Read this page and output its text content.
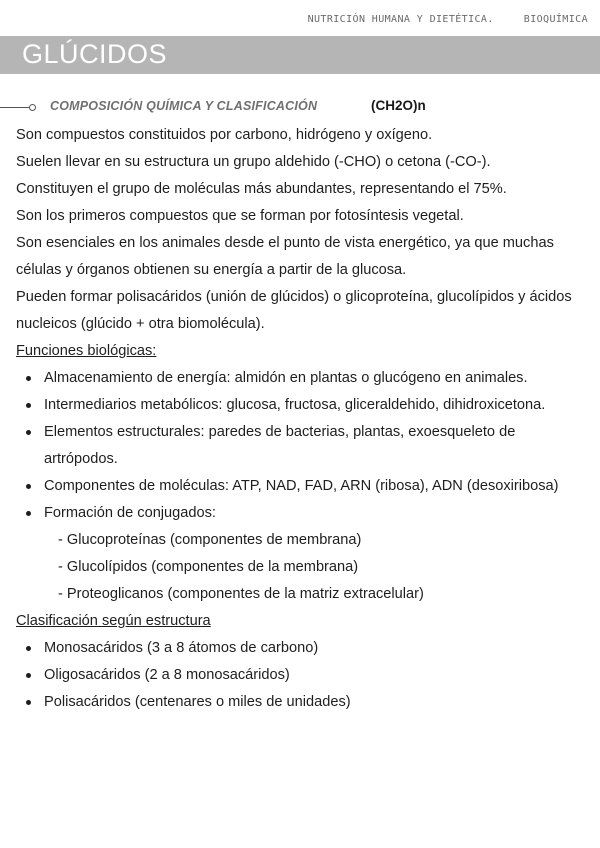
NUTRICIÓN HUMANA Y DIETÉTICA.	BIOQUÍMICA
GLÚCIDOS
COMPOSICIÓN QUÍMICA Y CLASIFICACIÓN	(CH2O)n

Son compuestos constituidos por carbono, hidrógeno y oxígeno.

Suelen llevar en su estructura un grupo aldehido (-CHO) o cetona (-CO-).

Constituyen el grupo de moléculas más abundantes, representando el 75%.

Son los primeros compuestos que se forman por fotosíntesis vegetal.

Son esenciales en los animales desde el punto de vista energético, ya que muchas células y órganos obtienen su energía a partir de la glucosa.

Pueden formar polisacáridos (unión de glúcidos) o glicoproteína, glucolípidos y ácidos nucleicos (glúcido + otra biomolécula).

Funciones biológicas:

Almacenamiento de energía: almidón en plantas o glucógeno en animales.
Intermediarios metabólicos: glucosa, fructosa, gliceraldehido, dihidroxicetona.
Elementos estructurales: paredes de bacterias, plantas, exoesqueleto de artrópodos.
Componentes de moléculas: ATP, NAD, FAD, ARN (ribosa), ADN (desoxiribosa)
Formación de conjugados:
- Glucoproteínas (componentes de membrana)
- Glucolípidos (componentes de la membrana)
- Proteoglicanos (componentes de la matriz extracelular)

Clasificación según estructura

Monosacáridos (3 a 8 átomos de carbono)
Oligosacáridos (2 a 8 monosacáridos)
Polisacáridos (centenares o miles de unidades)
